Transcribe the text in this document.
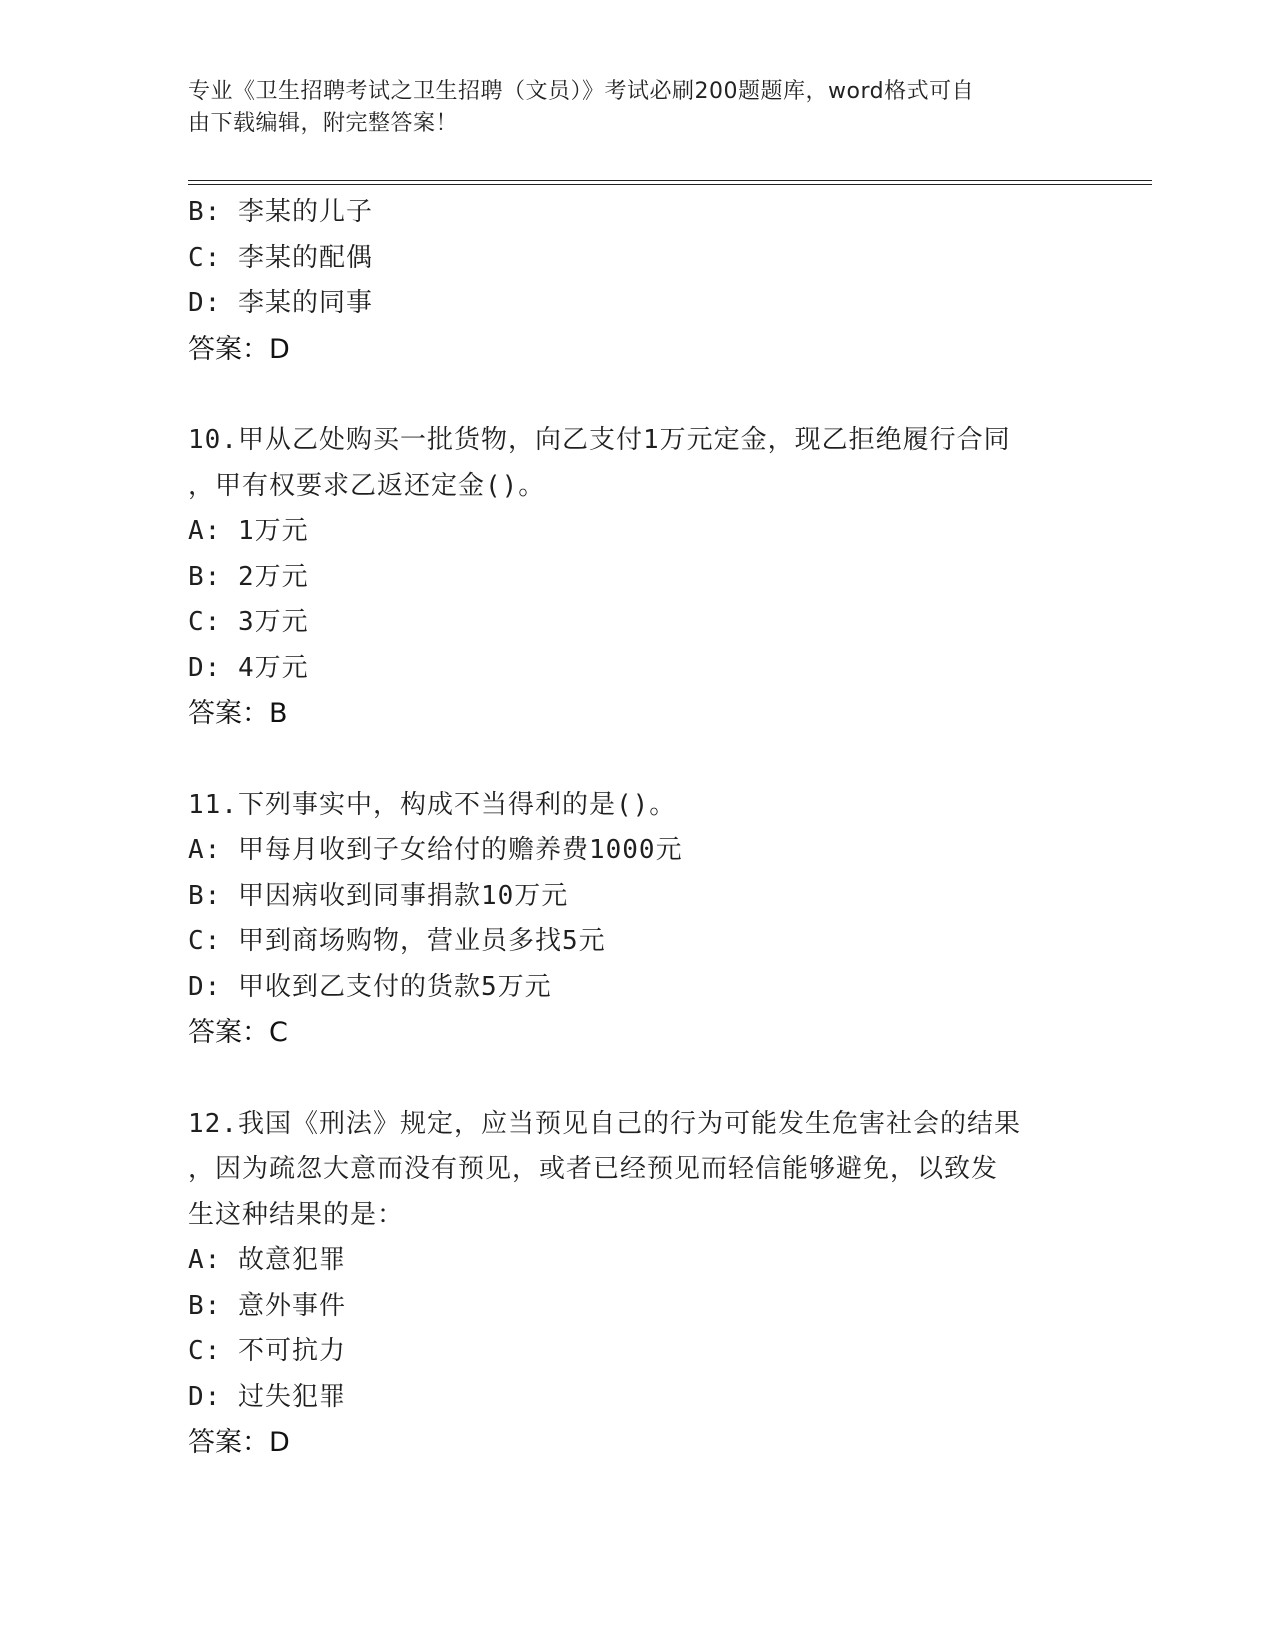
专业《卫生招聘考试之卫生招聘（文员）》考试必刷200题题库，word格式可自
由下载编辑，附完整答案！
B: 李某的儿子
C: 李某的配偶
D: 李某的同事
答案：D
10.甲从乙处购买一批货物，向乙支付1万元定金，现乙拒绝履行合同
，甲有权要求乙返还定金()。
A: 1万元
B: 2万元
C: 3万元
D: 4万元
答案：B
11.下列事实中，构成不当得利的是()。
A: 甲每月收到子女给付的赡养费1000元
B: 甲因病收到同事捐款10万元
C: 甲到商场购物，营业员多找5元
D: 甲收到乙支付的货款5万元
答案：C
12.我国《刑法》规定，应当预见自己的行为可能发生危害社会的结果
，因为疏忽大意而没有预见，或者已经预见而轻信能够避免，以致发
生这种结果的是：
A: 故意犯罪
B: 意外事件
C: 不可抗力
D: 过失犯罪
答案：D
